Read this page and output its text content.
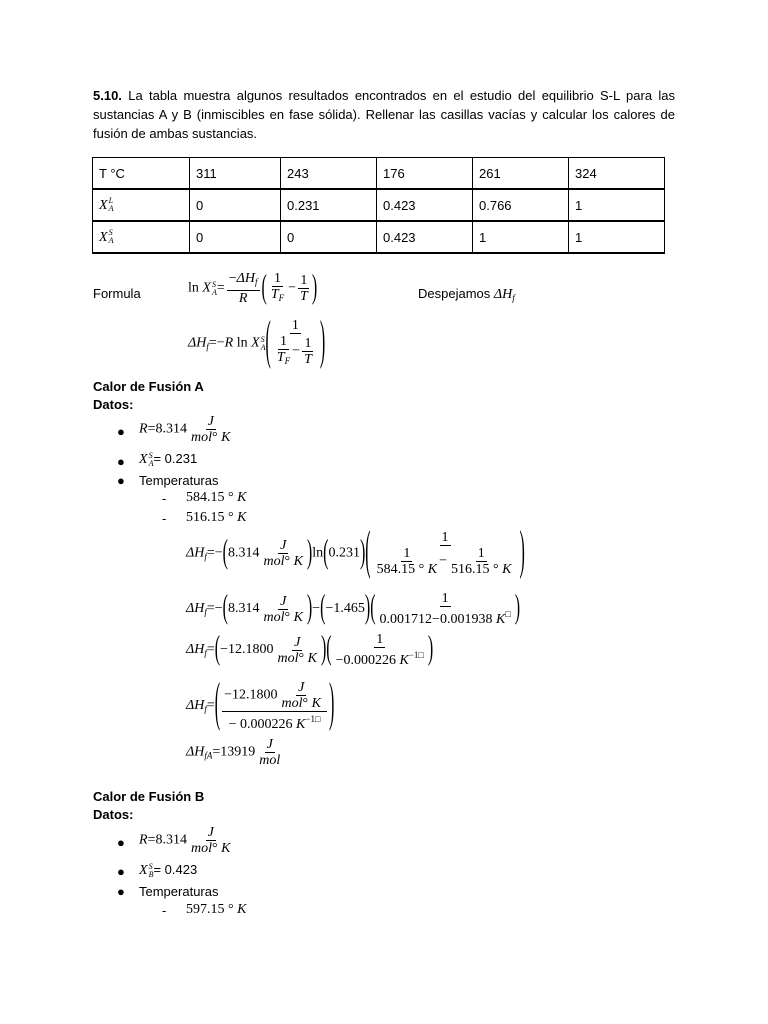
5.10. La tabla muestra algunos resultados encontrados en el estudio del equilibrio S-L para las sustancias A y B (inmiscibles en fase sólida). Rellenar las casillas vacías y calcular los calores de fusión de ambas sustancias.
T °C	311	243	176	261	324
X L
A	0	0.231	0.423	0.766	1
X S
A	0	0	0.423	1	1
Formula	ln X S
$A = \frac{-\Delta H_f}{R}$ ( $\frac{1}{T_F} - \frac{1}{T}$ )	Despejamos $\Delta H_f$
$\Delta H_f=-R$ ln X S
A ( $\frac{1}{\frac{1}{T_F} - \frac{1}{T}}$ )
Calor de Fusión A
Datos:
● $R=8.314 \frac{J}{\text{mol° K}}$
● X S
A = 0.231
● Temperaturas
- 584.15 ° K
- 516.15 ° K
$\Delta H_f=-(8.314 \frac{J}{\text{mol° K}} )\ln(0.231)( \frac{1}{\frac{1}{584.15 ^\circ K} - \frac{1}{516.15 ^\circ K}}$ )
$\Delta H_f=-(8.314 \frac{J}{\text{mol° K}} )-(-1.465)( \frac{1}{0.001712-0.001938 K^□}$ )
$\Delta H_f=(-12.1800 \frac{J}{\text{mol° K}}$ )( $\frac{1}{-0.000226 K^{-1□}}$ )
$\Delta H_f=( \frac{-12.1800 \frac{J}{\text{mol° K}}}{- 0.000226 K^{-1□}}$ )
$\Delta H_{fA}=13919 \frac{J}{\text{mol}}$
Calor de Fusión B
Datos:
● $R=8.314 \frac{J}{\text{mol° K}}$
● X S
B = 0.423
● Temperaturas
- 597.15 ° K
